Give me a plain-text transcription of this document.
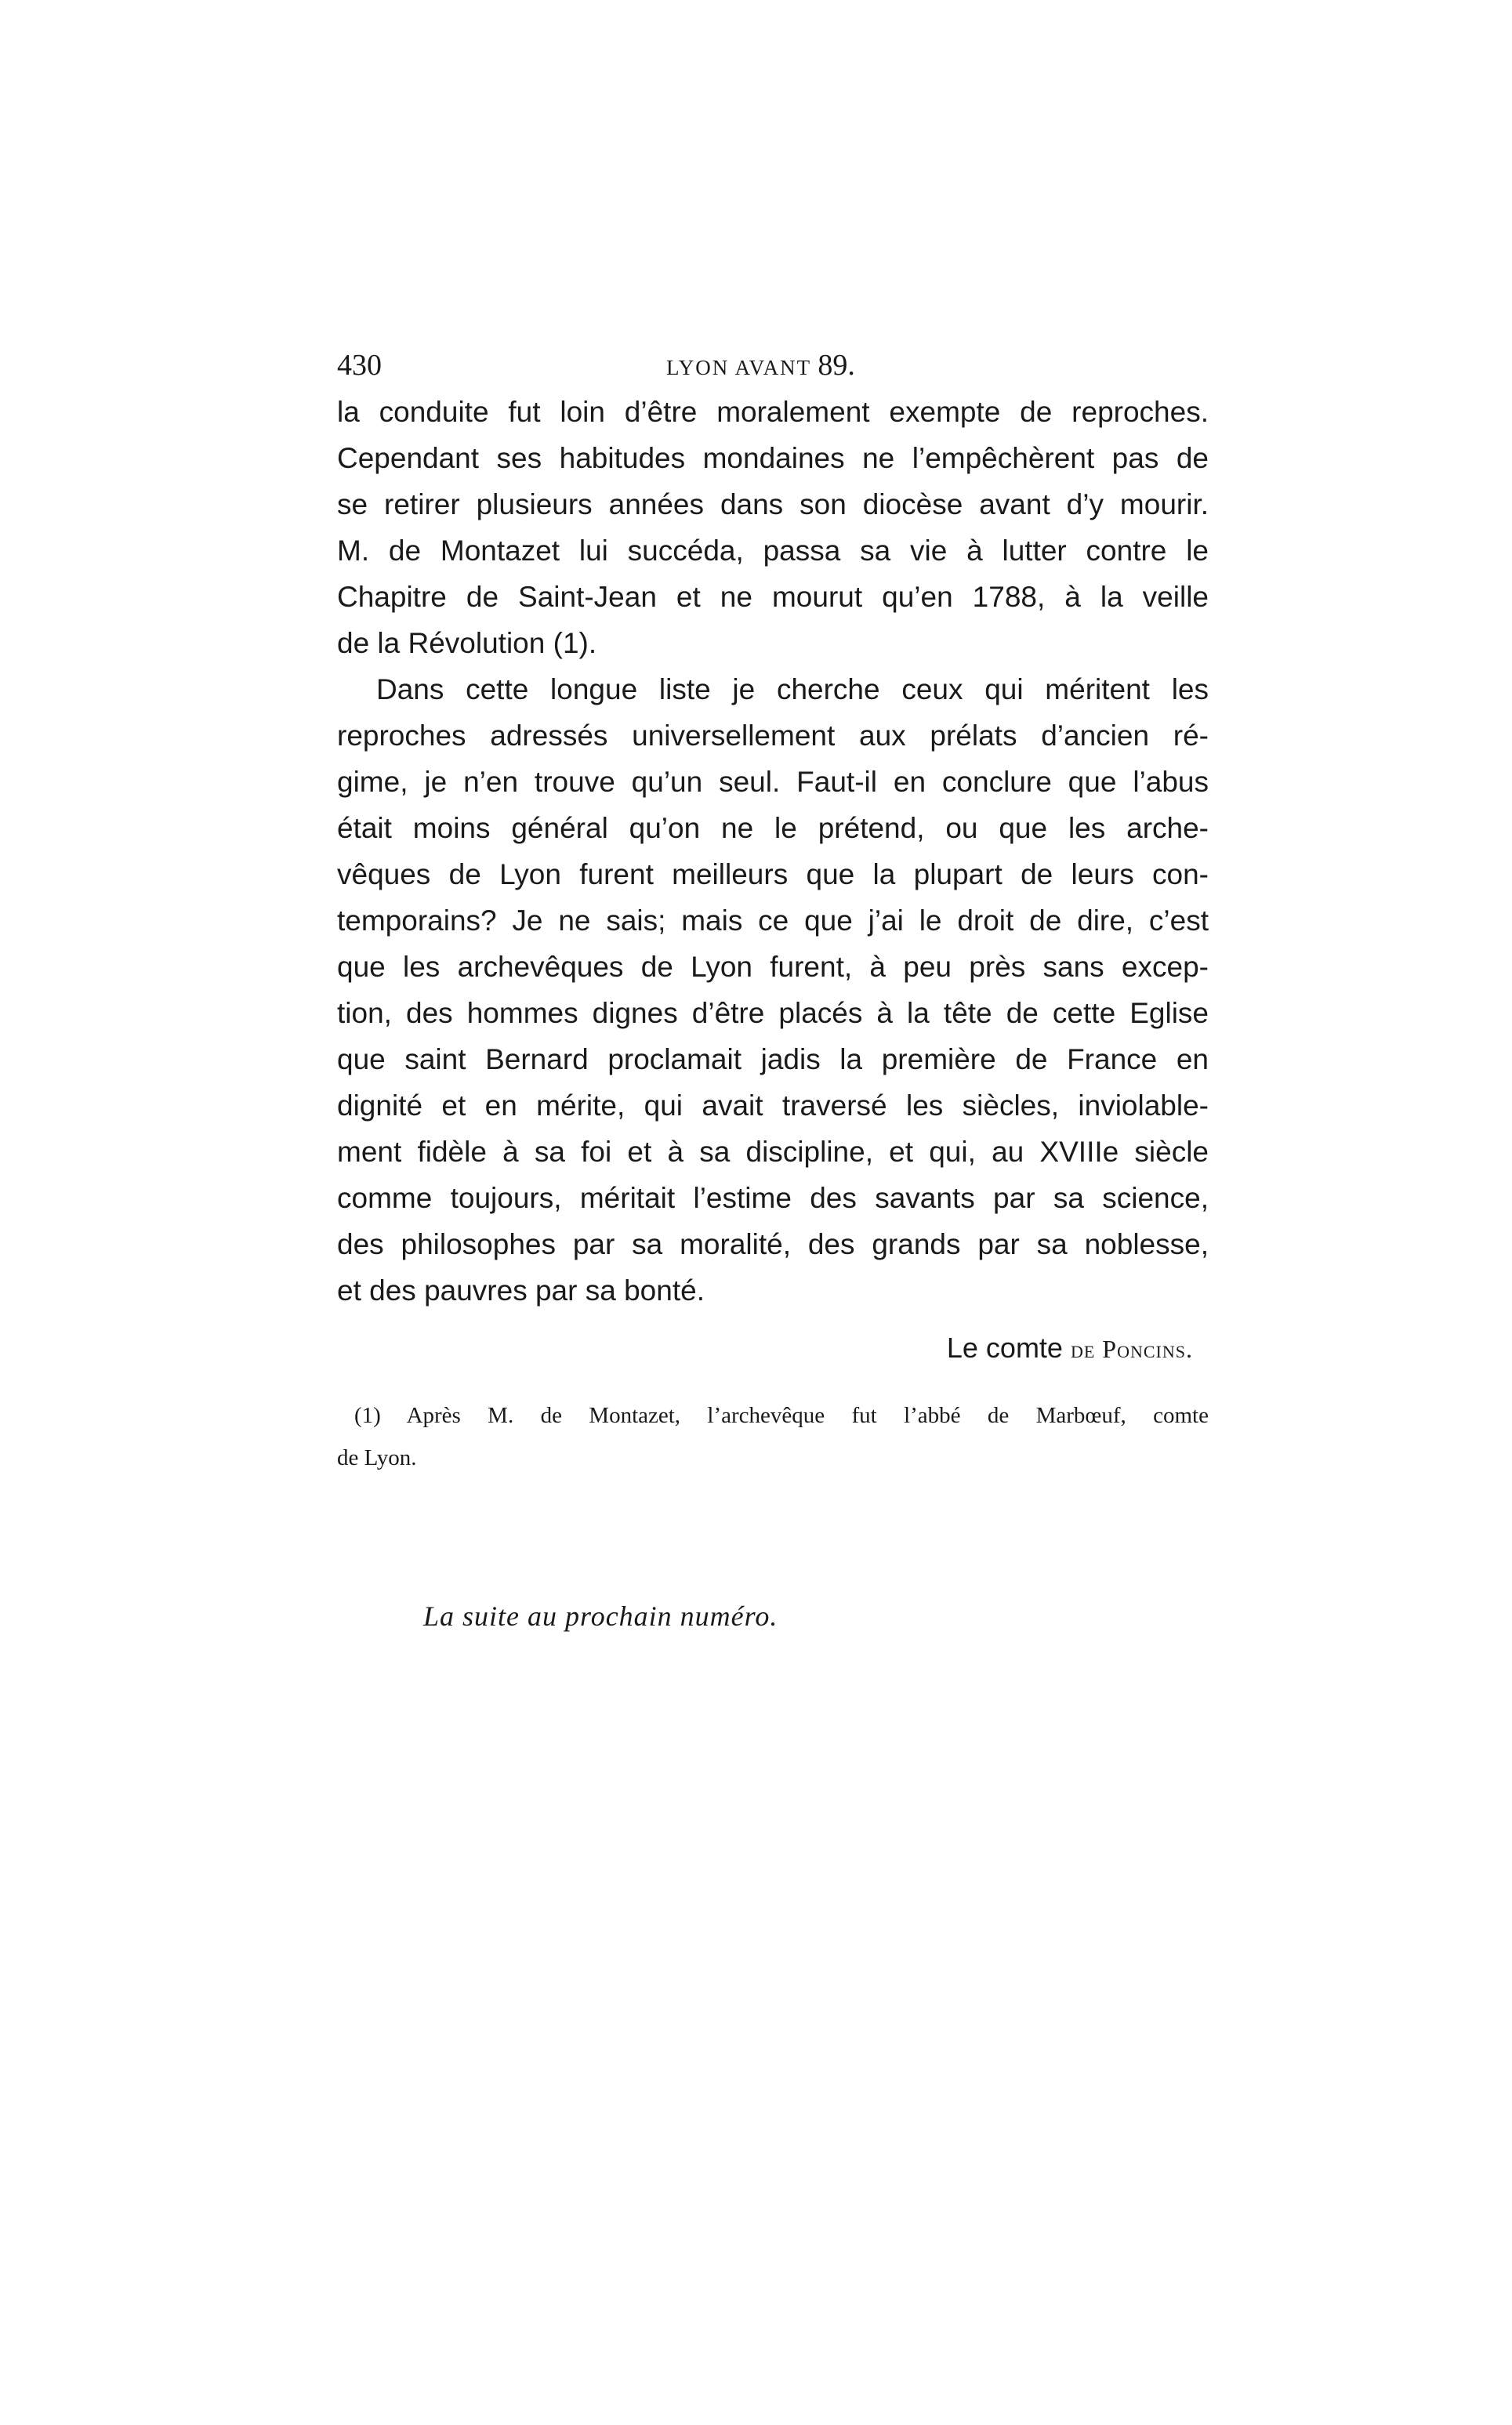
430	LYON AVANT 89.
la conduite fut loin d’être moralement exempte de reproches.
Cependant ses habitudes mondaines ne l’empêchèrent pas de
se retirer plusieurs années dans son diocèse avant d’y mourir.
M. de Montazet lui succéda, passa sa vie à lutter contre le
Chapitre de Saint-Jean et ne mourut qu’en 1788, à la veille
de la Révolution (1).
Dans cette longue liste je cherche ceux qui méritent les
reproches adressés universellement aux prélats d’ancien ré-
gime, je n’en trouve qu’un seul. Faut-il en conclure que l’abus
était moins général qu’on ne le prétend, ou que les arche-
vêques de Lyon furent meilleurs que la plupart de leurs con-
temporains? Je ne sais; mais ce que j’ai le droit de dire, c’est
que les archevêques de Lyon furent, à peu près sans excep-
tion, des hommes dignes d’être placés à la tête de cette Eglise
que saint Bernard proclamait jadis la première de France en
dignité et en mérite, qui avait traversé les siècles, inviolable-
ment fidèle à sa foi et à sa discipline, et qui, au XVIIIe siècle
comme toujours, méritait l’estime des savants par sa science,
des philosophes par sa moralité, des grands par sa noblesse,
et des pauvres par sa bonté.
Le comte de Poncins.
(1) Après M. de Montazet, l’archevêque fut l’abbé de Marbœuf, comte
de Lyon.
La suite au prochain numéro.
